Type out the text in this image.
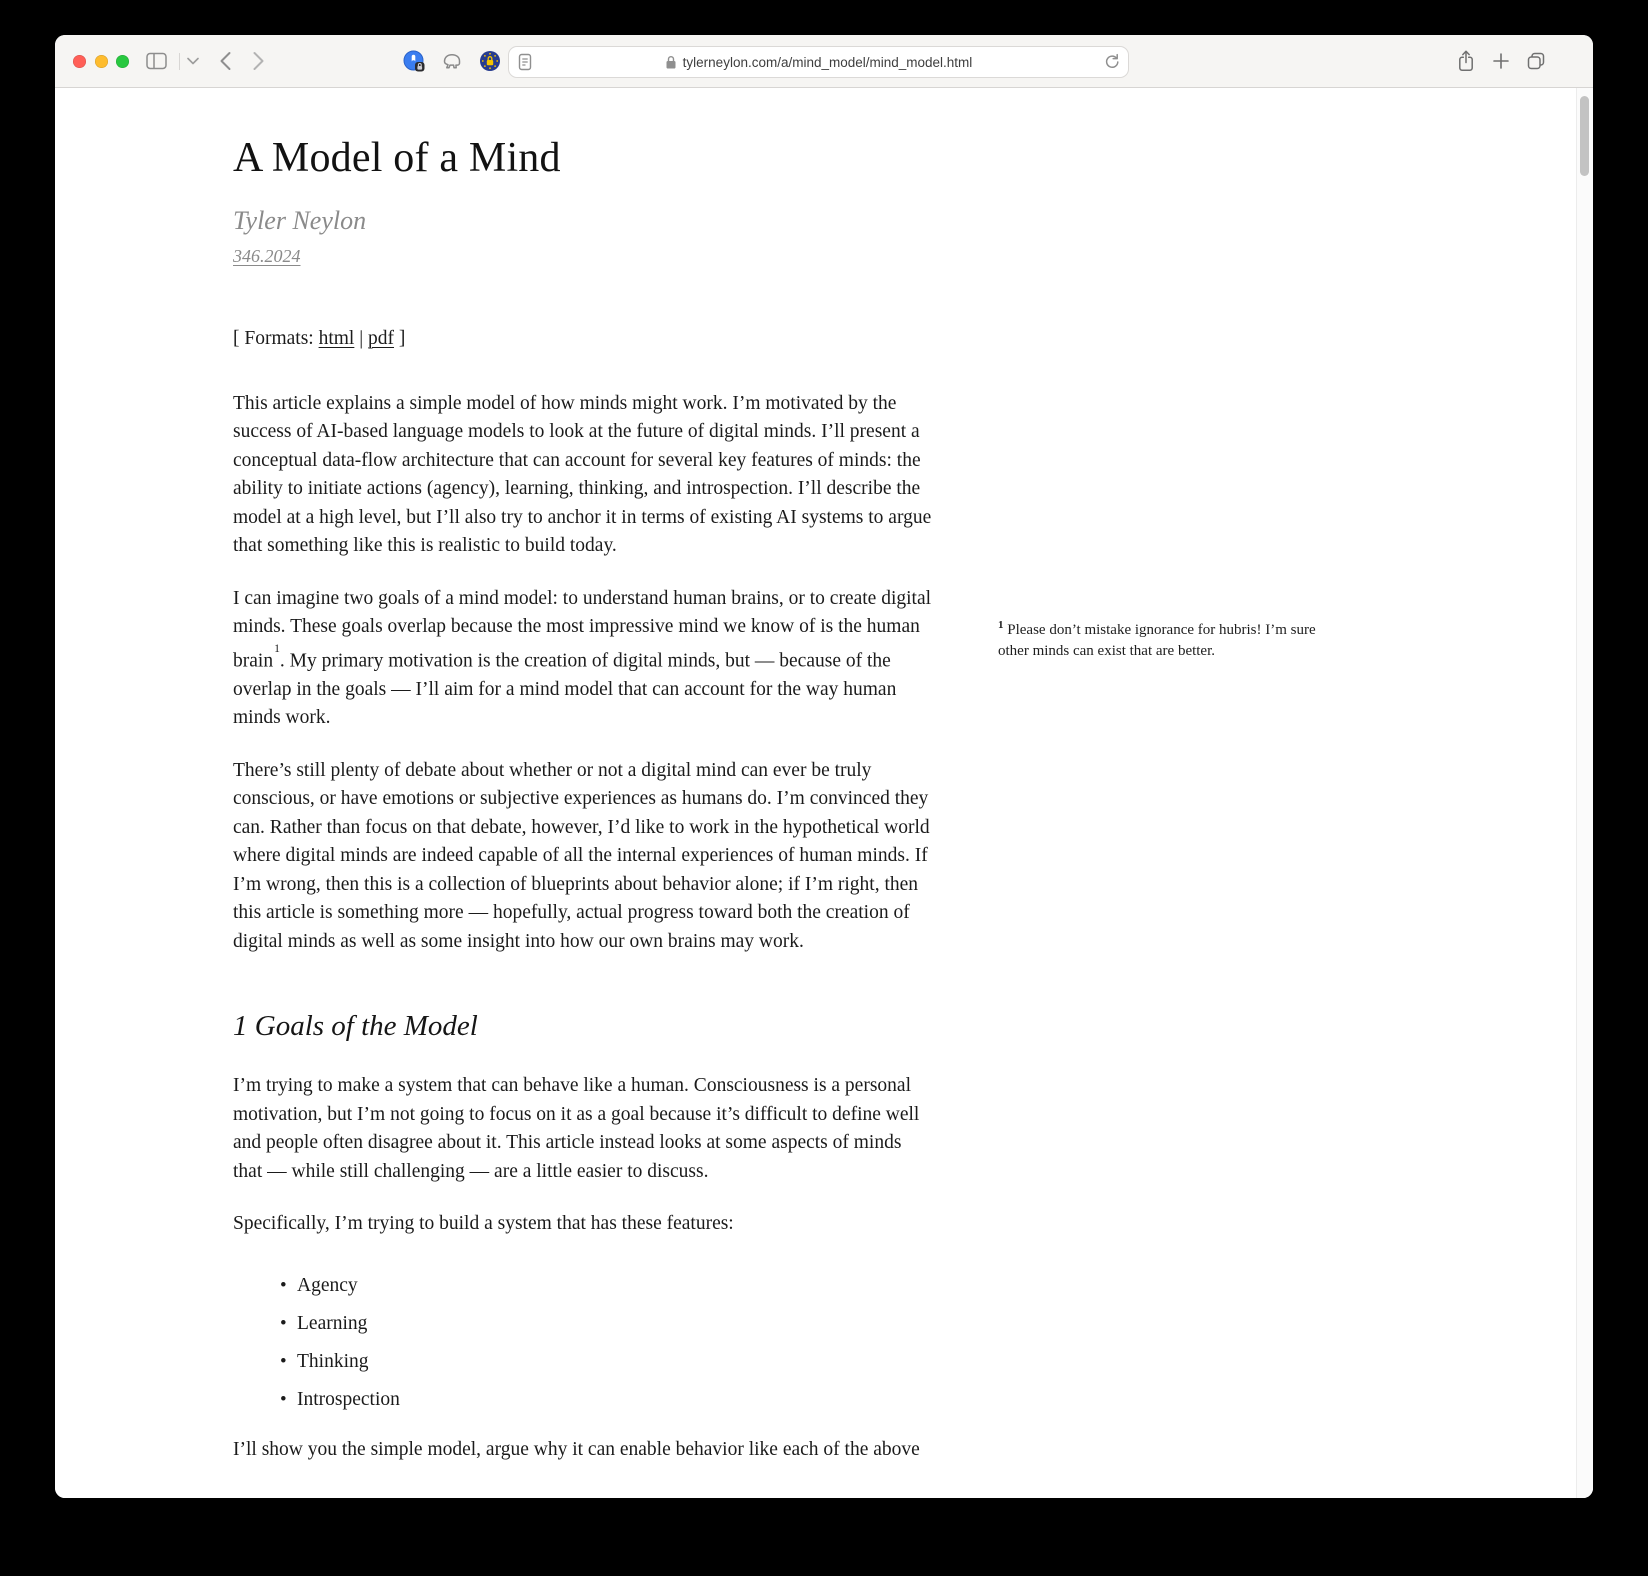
tylerneylon.com/a/mind_model/mind_model.html
A Model of a Mind
Tyler Neylon
346.2024
[ Formats: html | pdf ]

This article explains a simple model of how minds might work. I’m motivated by the success of AI-based language models to look at the future of digital minds. I’ll present a conceptual data-flow architecture that can account for several key features of minds: the ability to initiate actions (agency), learning, thinking, and introspection. I’ll describe the model at a high level, but I’ll also try to anchor it in terms of existing AI systems to argue that something like this is realistic to build today.

I can imagine two goals of a mind model: to understand human brains, or to create digital minds. These goals overlap because the most impressive mind we know of is the human brain$^1$. My primary motivation is the creation of digital minds, but — because of the overlap in the goals — I’ll aim for a mind model that can account for the way human minds work.

There’s still plenty of debate about whether or not a digital mind can ever be truly conscious, or have emotions or subjective experiences as humans do. I’m convinced they can. Rather than focus on that debate, however, I’d like to work in the hypothetical world where digital minds are indeed capable of all the internal experiences of human minds. If I’m wrong, then this is a collection of blueprints about behavior alone; if I’m right, then this article is something more — hopefully, actual progress toward both the creation of digital minds as well as some insight into how our own brains may work.

1 Goals of the Model

I’m trying to make a system that can behave like a human. Consciousness is a personal motivation, but I’m not going to focus on it as a goal because it’s difficult to define well and people often disagree about it. This article instead looks at some aspects of minds that — while still challenging — are a little easier to discuss.

Specifically, I’m trying to build a system that has these features:

• Agency
• Learning
• Thinking
• Introspection

I’ll show you the simple model, argue why it can enable behavior like each of the above

$^1$ Please don’t mistake ignorance for hubris! I’m sure other minds can exist that are better.
